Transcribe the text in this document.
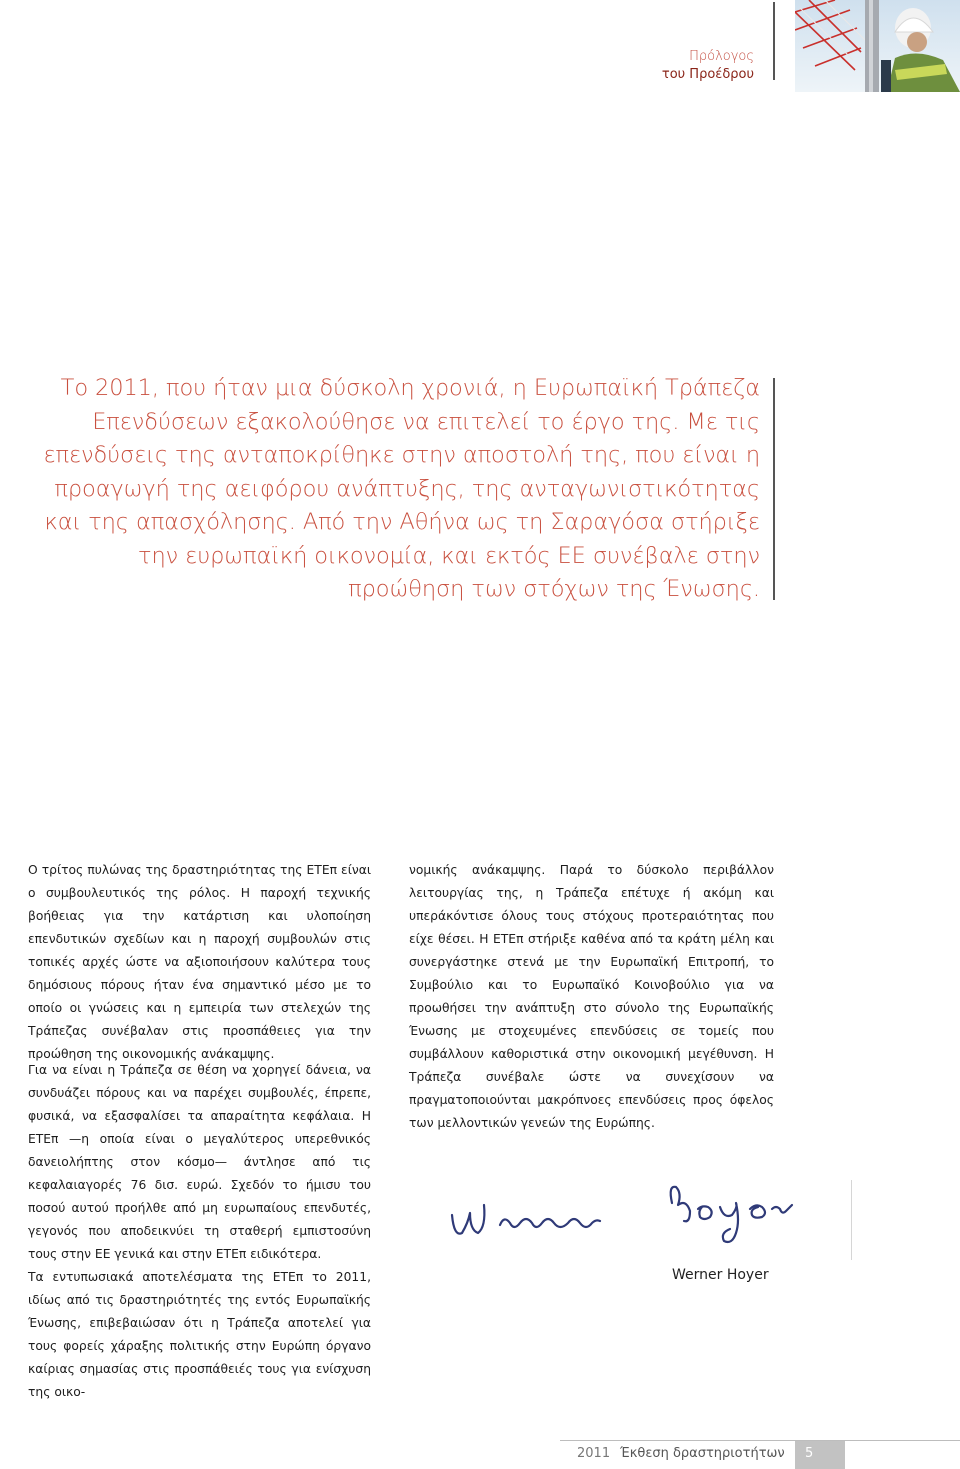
Πρόλογος
του Προέδρου
Το 2011, που ήταν μια δύσκολη χρονιά, η Ευρωπαϊκή Τράπεζα Επενδύσεων εξακολούθησε να επιτελεί το έργο της. Με τις επενδύσεις της ανταποκρίθηκε στην αποστολή της, που είναι η προαγωγή της αειφόρου ανάπτυξης, της ανταγωνιστικότητας και της απασχόλησης. Από την Αθήνα ως τη Σαραγόσα στήριξε την ευρωπαϊκή οικονομία, και εκτός ΕΕ συνέβαλε στην προώθηση των στόχων της Ένωσης.
Ο τρίτος πυλώνας της δραστηριότητας της ΕΤΕπ είναι ο συμβουλευτικός της ρόλος. Η παροχή τεχνικής βοήθειας για την κατάρτιση και υλοποίηση επενδυτικών σχεδίων και η παροχή συμβουλών στις τοπικές αρχές ώστε να αξιοποιήσουν καλύτερα τους δημόσιους πόρους ήταν ένα σημαντικό μέσο με το οποίο οι γνώσεις και η εμπειρία των στελεχών της Τράπεζας συνέβαλαν στις προσπάθειες για την προώθηση της οικονομικής ανάκαμψης.
Για να είναι η Τράπεζα σε θέση να χορηγεί δάνεια, να συνδυάζει πόρους και να παρέχει συμβουλές, έπρεπε, φυσικά, να εξασφαλίσει τα απαραίτητα κεφάλαια. Η ΕΤΕπ —η οποία είναι ο μεγαλύτερος υπερεθνικός δανειολήπτης στον κόσμο— άντλησε από τις κεφαλαιαγορές 76 δισ. ευρώ. Σχεδόν το ήμισυ του ποσού αυτού προήλθε από μη ευρωπαίους επενδυτές, γεγονός που αποδεικνύει τη σταθερή εμπιστοσύνη τους στην ΕΕ γενικά και στην ΕΤΕπ ειδικότερα.
Τα εντυπωσιακά αποτελέσματα της ΕΤΕπ το 2011, ιδίως από τις δραστηριότητές της εντός Ευρωπαϊκής Ένωσης, επιβεβαιώσαν ότι η Τράπεζα αποτελεί για τους φορείς χάραξης πολιτικής στην Ευρώπη όργανο καίριας σημασίας στις προσπάθειές τους για ενίσχυση της οικο-
νομικής ανάκαμψης. Παρά το δύσκολο περιβάλλον λειτουργίας της, η Τράπεζα επέτυχε ή ακόμη και υπεράκόντισε όλους τους στόχους προτεραιότητας που είχε θέσει. Η ΕΤΕπ στήριξε καθένα από τα κράτη μέλη και συνεργάστηκε στενά με την Ευρωπαϊκή Επιτροπή, το Συμβούλιο και το Ευρωπαϊκό Κοινοβούλιο για να προωθήσει την ανάπτυξη στο σύνολο της Ευρωπαϊκής Ένωσης με στοχευμένες επενδύσεις σε τομείς που συμβάλλουν καθοριστικά στην οικονομική μεγέθυνση. Η Τράπεζα συνέβαλε ώστε να συνεχίσουν να πραγματοποιούνται μακρόπνοες επενδύσεις προς όφελος των μελλοντικών γενεών της Ευρώπης.
Werner Hoyer
2011 Έκθεση δραστηριοτήτων 5
